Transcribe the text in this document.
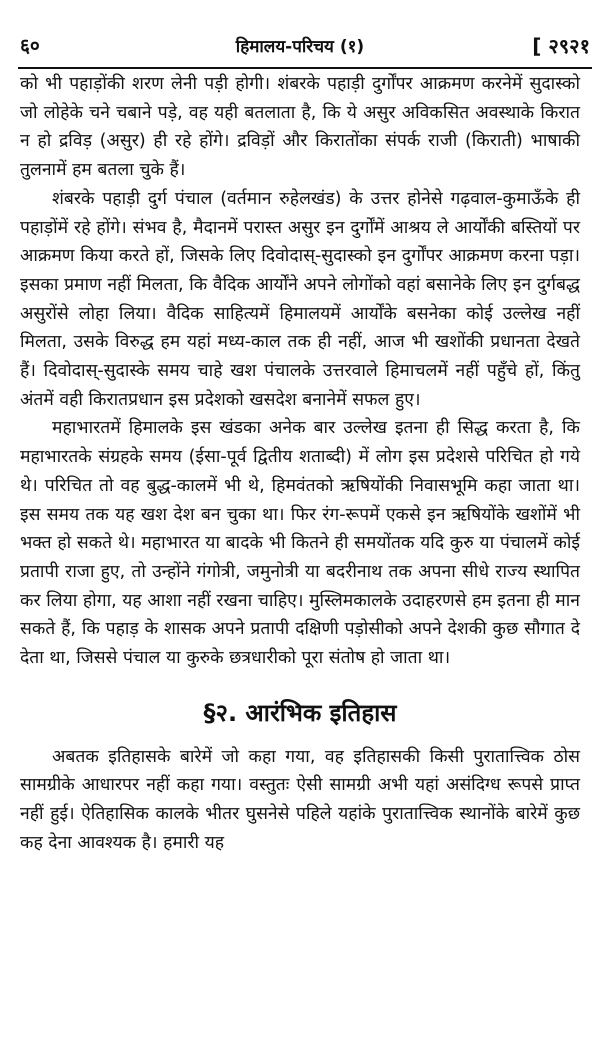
६०	हिमालय-परिचय (१)	[ २९२१

को भी पहाड़ोंकी शरण लेनी पड़ी होगी। शंबरके पहाड़ी दुर्गोंपर आक्रमण करनेमें सुदास्को जो लोहेके चने चबाने पड़े, वह यही बतलाता है, कि ये असुर अविकसित अवस्थाके किरात न हो द्रविड़ (असुर) ही रहे होंगे। द्रविड़ों और किरातोंका संपर्क राजी (किराती) भाषाकी तुलनामें हम बतला चुके हैं।

शंबरके पहाड़ी दुर्ग पंचाल (वर्तमान रुहेलखंड) के उत्तर होनेसे गढ़वाल-कुमाऊँके ही पहाड़ोंमें रहे होंगे। संभव है, मैदानमें परास्त असुर इन दुर्गोंमें आश्रय ले आर्योंकी बस्तियों पर आक्रमण किया करते हों, जिसके लिए दिवोदास्-सुदास्को इन दुर्गोंपर आक्रमण करना पड़ा। इसका प्रमाण नहीं मिलता, कि वैदिक आर्योंने अपने लोगोंको वहां बसानेके लिए इन दुर्गबद्ध असुरोंसे लोहा लिया। वैदिक साहित्यमें हिमालयमें आर्योंके बसनेका कोई उल्लेख नहीं मिलता, उसके विरुद्ध हम यहां मध्य-काल तक ही नहीं, आज भी खशोंकी प्रधानता देखते हैं। दिवोदास्-सुदास्के समय चाहे खश पंचालके उत्तरवाले हिमाचलमें नहीं पहुँचे हों, किंतु अंतमें वही किरातप्रधान इस प्रदेशको खसदेश बनानेमें सफल हुए।

महाभारतमें हिमालके इस खंडका अनेक बार उल्लेख इतना ही सिद्ध करता है, कि महाभारतके संग्रहके समय (ईसा-पूर्व द्वितीय शताब्दी) में लोग इस प्रदेशसे परिचित हो गये थे। परिचित तो वह बुद्ध-कालमें भी थे, हिमवंतको ऋषियोंकी निवासभूमि कहा जाता था। इस समय तक यह खश देश बन चुका था। फिर रंग-रूपमें एकसे इन ऋषियोंके खशोंमें भी भक्त हो सकते थे। महाभारत या बादके भी कितने ही समयोंतक यदि कुरु या पंचालमें कोई प्रतापी राजा हुए, तो उन्होंने गंगोत्री, जमुनोत्री या बदरीनाथ तक अपना सीधे राज्य स्थापित कर लिया होगा, यह आशा नहीं रखना चाहिए। मुस्लिमकालके उदाहरणसे हम इतना ही मान सकते हैं, कि पहाड़ के शासक अपने प्रतापी दक्षिणी पड़ोसीको अपने देशकी कुछ सौगात दे देता था, जिससे पंचाल या कुरुके छत्रधारीको पूरा संतोष हो जाता था।

§२. आरंभिक इतिहास

अबतक इतिहासके बारेमें जो कहा गया, वह इतिहासकी किसी पुरातात्त्विक ठोस सामग्रीके आधारपर नहीं कहा गया। वस्तुतः ऐसी सामग्री अभी यहां असंदिग्ध रूपसे प्राप्त नहीं हुई। ऐतिहासिक कालके भीतर घुसनेसे पहिले यहांके पुरातात्त्विक स्थानोंके बारेमें कुछ कह देना आवश्यक है। हमारी यह
